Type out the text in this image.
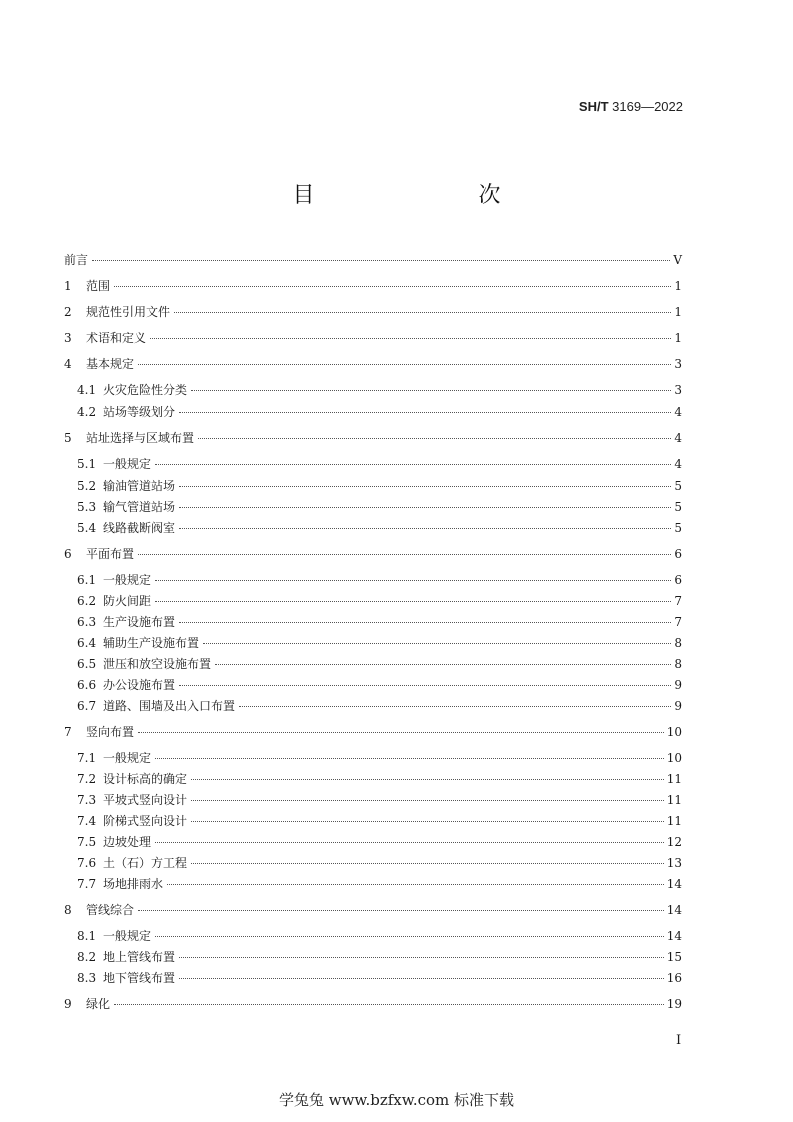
SH/T 3169—2022
目　　次
前言	V
1	范围	1
2	规范性引用文件	1
3	术语和定义	1
4	基本规定	3
4.1 火灾危险性分类	3
4.2 站场等级划分	4
5	站址选择与区域布置	4
5.1 一般规定	4
5.2 输油管道站场	5
5.3 输气管道站场	5
5.4 线路截断阀室	5
6	平面布置	6
6.1 一般规定	6
6.2 防火间距	7
6.3 生产设施布置	7
6.4 辅助生产设施布置	8
6.5 泄压和放空设施布置	8
6.6 办公设施布置	9
6.7 道路、围墙及出入口布置	9
7	竖向布置	10
7.1 一般规定	10
7.2 设计标高的确定	11
7.3 平坡式竖向设计	11
7.4 阶梯式竖向设计	11
7.5 边坡处理	12
7.6 土（石）方工程	13
7.7 场地排雨水	14
8	管线综合	14
8.1 一般规定	14
8.2 地上管线布置	15
8.3 地下管线布置	16
9	绿化	19
I
学兔兔 www.bzfxw.com 标准下载
